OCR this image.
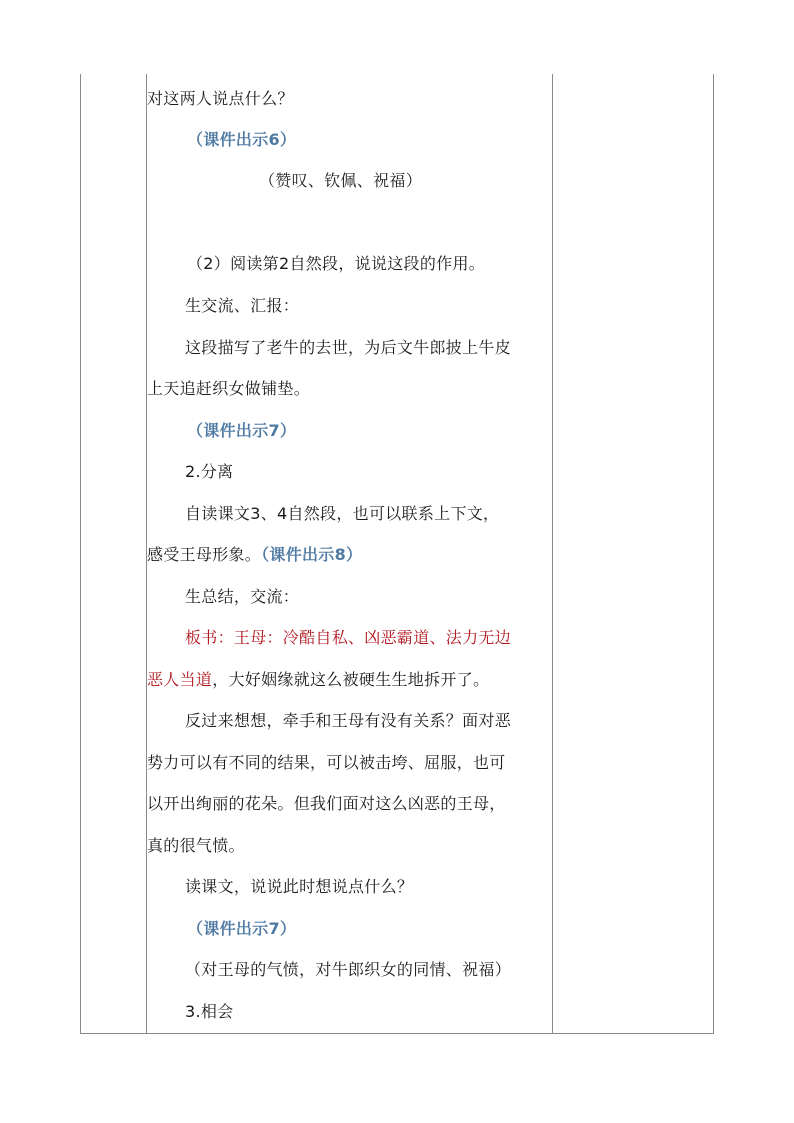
对这两人说点什么？
（课件出示6）
（赞叹、钦佩、祝福）
（2）阅读第2自然段，说说这段的作用。
生交流、汇报：
这段描写了老牛的去世，为后文牛郎披上牛皮
上天追赶织女做铺垫。
（课件出示7）
2.分离
自读课文3、4自然段，也可以联系上下文，
感受王母形象。（课件出示8）
生总结，交流：
板书：王母：冷酷自私、凶恶霸道、法力无边
恶人当道，大好姻缘就这么被硬生生地拆开了。
反过来想想，牵手和王母有没有关系？面对恶
势力可以有不同的结果，可以被击垮、屈服，也可
以开出绚丽的花朵。但我们面对这么凶恶的王母，
真的很气愤。
读课文，说说此时想说点什么？
（课件出示7）
（对王母的气愤，对牛郎织女的同情、祝福）
3.相会
